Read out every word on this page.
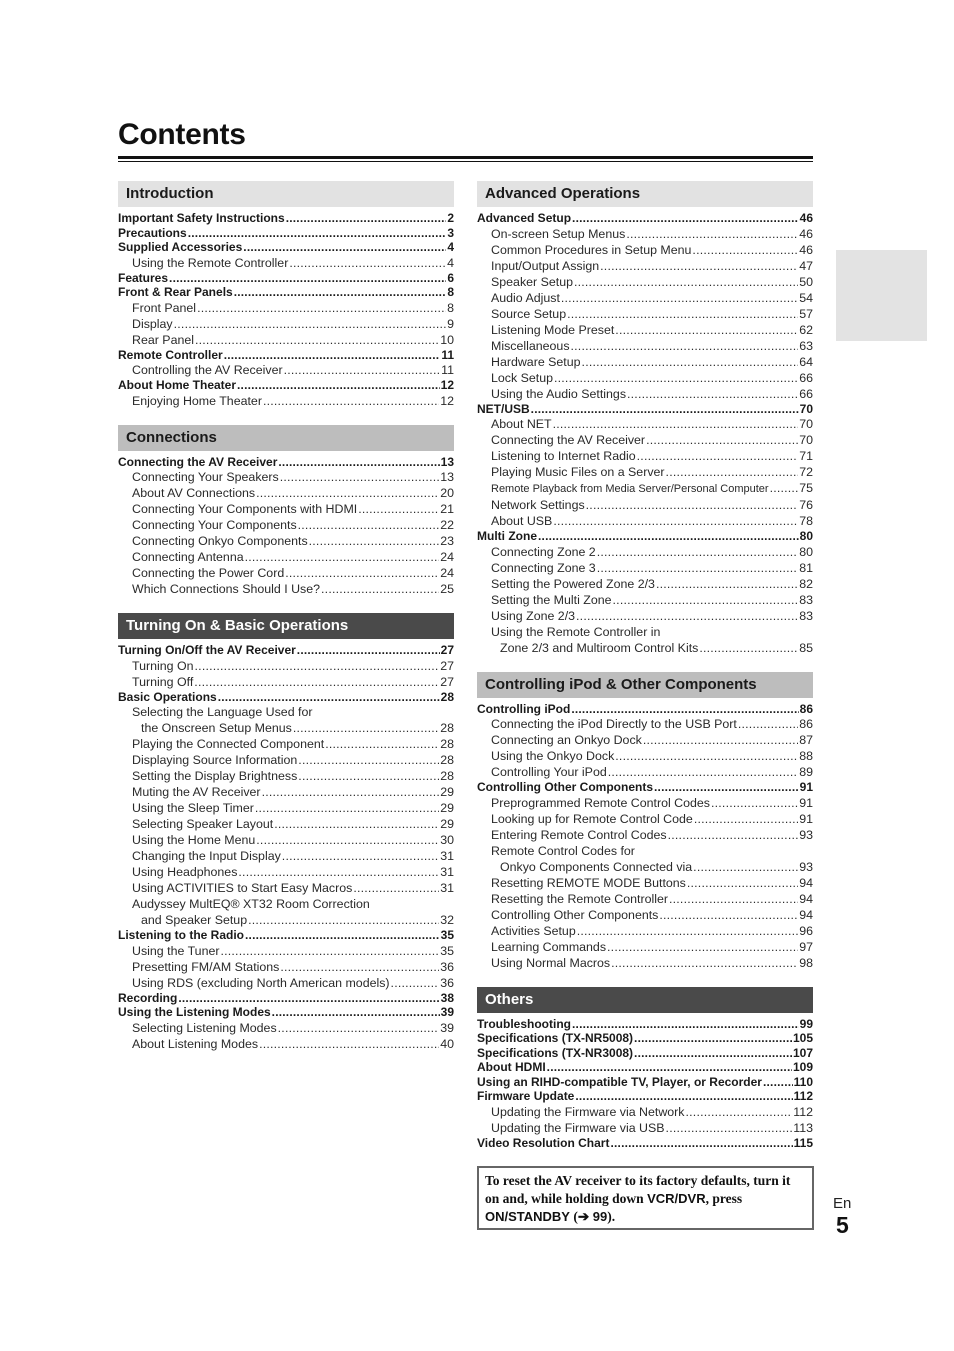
Contents
Introduction
Important Safety Instructions .....	2
Precautions .....	3
Supplied Accessories .....	4
Using the Remote Controller .....	4
Features .....	6
Front & Rear Panels .....	8
Front Panel .....	8
Display .....	9
Rear Panel .....	10
Remote Controller .....	11
Controlling the AV Receiver .....	11
About Home Theater .....	12
Enjoying Home Theater .....	12
Connections
Connecting the AV Receiver .....	13
Connecting Your Speakers .....	13
About AV Connections .....	20
Connecting Your Components with HDMI .....	21
Connecting Your Components .....	22
Connecting Onkyo Components .....	23
Connecting Antenna .....	24
Connecting the Power Cord .....	24
Which Connections Should I Use? .....	25
Turning On & Basic Operations
Turning On/Off the AV Receiver .....	27
Turning On .....	27
Turning Off .....	27
Basic Operations .....	28
Selecting the Language Used for
the Onscreen Setup Menus .....	28
Playing the Connected Component .....	28
Displaying Source Information .....	28
Setting the Display Brightness .....	28
Muting the AV Receiver .....	29
Using the Sleep Timer .....	29
Selecting Speaker Layout .....	29
Using the Home Menu .....	30
Changing the Input Display .....	31
Using Headphones .....	31
Using ACTIVITIES to Start Easy Macros .....	31
Audyssey MultEQ® XT32 Room Correction
and Speaker Setup .....	32
Listening to the Radio .....	35
Using the Tuner .....	35
Presetting FM/AM Stations .....	36
Using RDS (excluding North American models) .....	36
Recording .....	38
Using the Listening Modes .....	39
Selecting Listening Modes .....	39
About Listening Modes .....	40
Advanced Operations
Advanced Setup .....	46
On-screen Setup Menus .....	46
Common Procedures in Setup Menu .....	46
Input/Output Assign .....	47
Speaker Setup .....	50
Audio Adjust .....	54
Source Setup .....	57
Listening Mode Preset .....	62
Miscellaneous .....	63
Hardware Setup .....	64
Lock Setup .....	66
Using the Audio Settings .....	66
NET/USB .....	70
About NET .....	70
Connecting the AV Receiver .....	70
Listening to Internet Radio .....	71
Playing Music Files on a Server .....	72
Remote Playback from Media Server/Personal Computer ..... 75
Network Settings .....	76
About USB .....	78
Multi Zone .....	80
Connecting Zone 2 .....	80
Connecting Zone 3 .....	81
Setting the Powered Zone 2/3 .....	82
Setting the Multi Zone .....	83
Using Zone 2/3 .....	83
Using the Remote Controller in
Zone 2/3 and Multiroom Control Kits .....	85
Controlling iPod & Other Components
Controlling iPod .....	86
Connecting the iPod Directly to the USB Port .....	86
Connecting an Onkyo Dock .....	87
Using the Onkyo Dock .....	88
Controlling Your iPod .....	89
Controlling Other Components .....	91
Preprogrammed Remote Control Codes .....	91
Looking up for Remote Control Code .....	91
Entering Remote Control Codes .....	93
Remote Control Codes for
Onkyo Components Connected via .....	93
Resetting REMOTE MODE Buttons .....	94
Resetting the Remote Controller .....	94
Controlling Other Components .....	94
Activities Setup .....	96
Learning Commands .....	97
Using Normal Macros .....	98
Others
Troubleshooting .....	99
Specifications (TX-NR5008) .....	105
Specifications (TX-NR3008) .....	107
About HDMI .....	109
Using an RIHD-compatible TV, Player, or Recorder .....	110
Firmware Update .....	112
Updating the Firmware via Network .....	112
Updating the Firmware via USB .....	113
Video Resolution Chart .....	115
To reset the AV receiver to its factory defaults, turn it on and, while holding down VCR/DVR, press ON/STANDBY (➔ 99).
En
5
